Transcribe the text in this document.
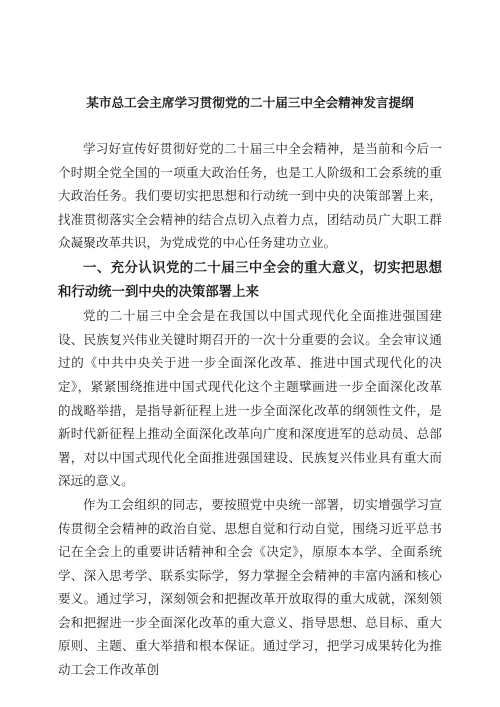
某市总工会主席学习贯彻党的二十届三中全会精神发言提纲

学习好宣传好贯彻好党的二十届三中全会精神，是当前和今后一个时期全党全国的一项重大政治任务，也是工人阶级和工会系统的重大政治任务。我们要切实把思想和行动统一到中央的决策部署上来，找准贯彻落实全会精神的结合点切入点着力点，团结动员广大职工群众凝聚改革共识，为党成党的中心任务建功立业。

一、充分认识党的二十届三中全会的重大意义，切实把思想和行动统一到中央的决策部署上来

党的二十届三中全会是在我国以中国式现代化全面推进强国建设、民族复兴伟业关键时期召开的一次十分重要的会议。全会审议通过的《中共中央关于进一步全面深化改革、推进中国式现代化的决定》，紧紧围绕推进中国式现代化这个主题擘画进一步全面深化改革的战略举措，是指导新征程上进一步全面深化改革的纲领性文件，是新时代新征程上推动全面深化改革向广度和深度进军的总动员、总部署，对以中国式现代化全面推进强国建设、民族复兴伟业具有重大而深远的意义。

作为工会组织的同志，要按照党中央统一部署，切实增强学习宣传贯彻全会精神的政治自觉、思想自觉和行动自觉，围绕习近平总书记在全会上的重要讲话精神和全会《决定》，原原本本学、全面系统学、深入思考学、联系实际学，努力掌握全会精神的丰富内涵和核心要义。通过学习，深刻领会和把握改革开放取得的重大成就，深刻领会和把握进一步全面深化改革的重大意义、指导思想、总目标、重大原则、主题、重大举措和根本保证。通过学习，把学习成果转化为推动工会工作改革创
